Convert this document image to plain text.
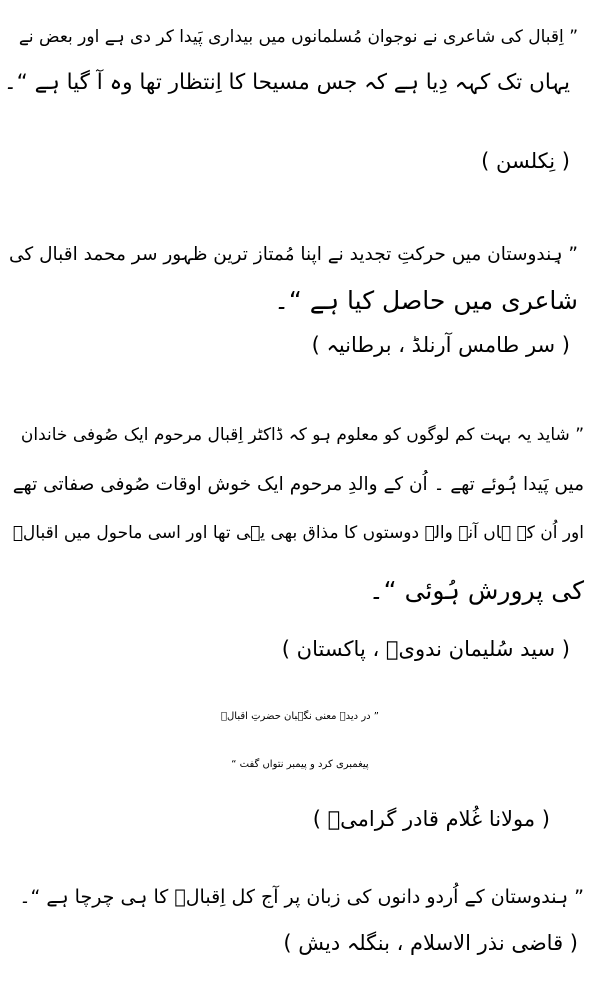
” اِقبال کی شاعری نے نوجوان مُسلمانوں میں بیداری پَیدا کر دی ہے اور بعض نے
یہاں تک کہہ دِیا ہے کہ جس مسیحا کا اِنتظار تھا وہ آ گیا ہے “۔
( نِکلسن )
” ہِندوستان میں حرکتِ تجدید نے اپنا مُمتاز ترین ظہور سر محمد اقبال کی
شاعری میں حاصل کیا ہے “۔
( سر طامس آرنلڈ ، برطانیہ )
” شاید یہ بہت کم لوگوں کو معلوم ہو کہ ڈاکٹر اِقبال مرحوم ایک صُوفی خاندان
میں پَیدا ہُوئے تھے ۔ اُن کے والدِ مرحوم ایک خوش اوقات صُوفی صفاتی تھے
اور اُن کے ہاں آنے والے دوستوں کا مذاق بھی یہی تھا اور اسی ماحول میں اقبالؒ
کی پرورش ہُوئی “۔
( سید سُلیمان ندویؒ ، پاکستان )
” در دیدۂ معنی نگہبان حضرتِ اقبالؒ
پیغمبری کرد و پیمبر نتواں گفت “
( مولانا غُلام قادر گرامیؒ )
” ہندوستان کے اُردو دانوں کی زبان پر آج کل اِقبالؒ کا ہی چرچا ہے “۔
( قاضی نذر الاسلام ، بنگلہ دیش )
